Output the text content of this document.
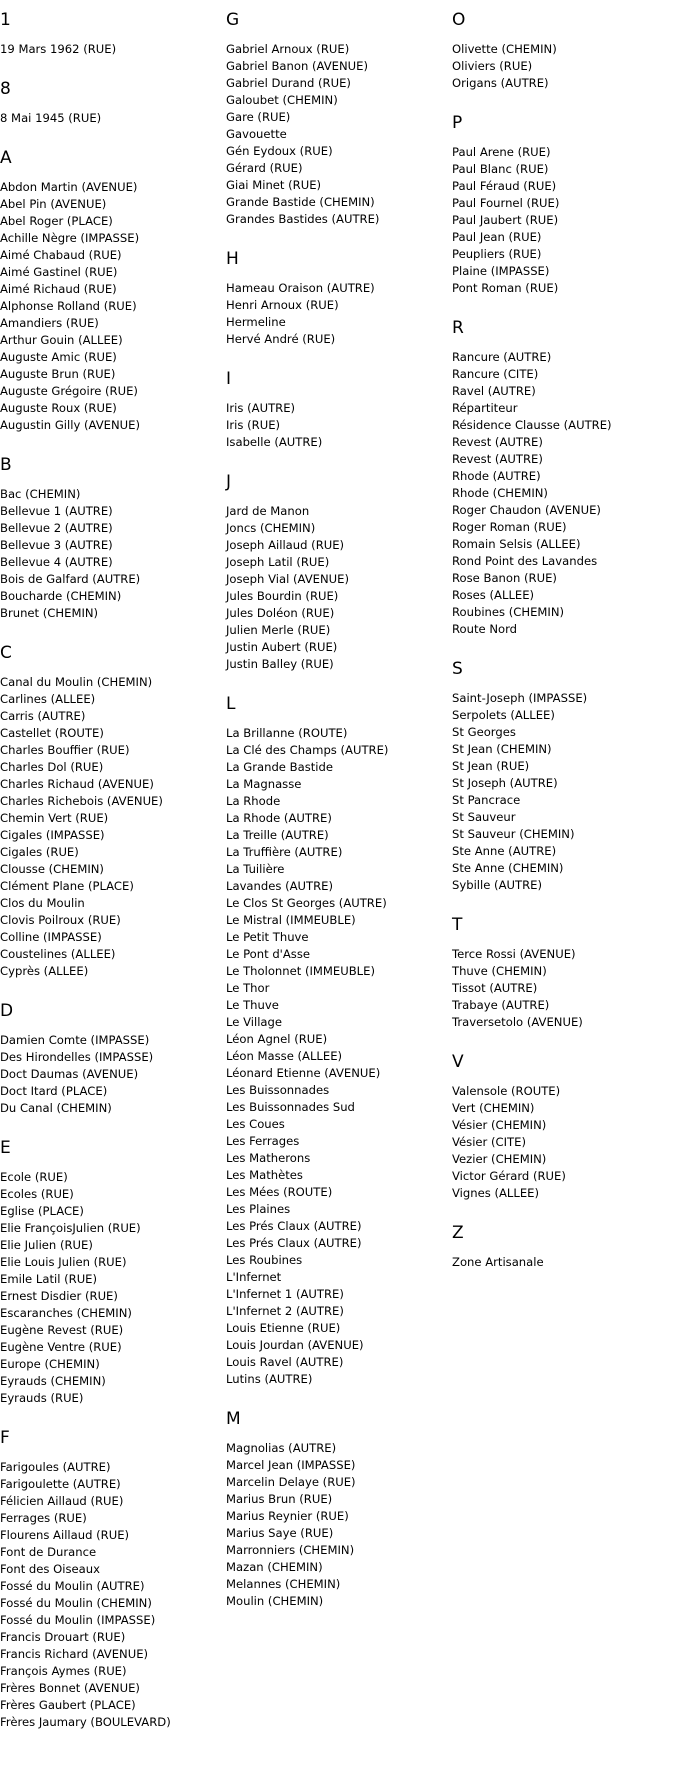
1
19 Mars 1962 (RUE)
8
8 Mai 1945 (RUE)
A
Abdon Martin (AVENUE)
Abel Pin (AVENUE)
Abel Roger (PLACE)
Achille Nègre (IMPASSE)
Aimé Chabaud (RUE)
Aimé Gastinel (RUE)
Aimé Richaud (RUE)
Alphonse Rolland (RUE)
Amandiers (RUE)
Arthur Gouin (ALLEE)
Auguste Amic (RUE)
Auguste Brun (RUE)
Auguste Grégoire (RUE)
Auguste Roux (RUE)
Augustin Gilly (AVENUE)
B
Bac (CHEMIN)
Bellevue 1 (AUTRE)
Bellevue 2 (AUTRE)
Bellevue 3 (AUTRE)
Bellevue 4 (AUTRE)
Bois de Galfard (AUTRE)
Boucharde (CHEMIN)
Brunet (CHEMIN)
C
Canal du Moulin (CHEMIN)
Carlines (ALLEE)
Carris (AUTRE)
Castellet (ROUTE)
Charles Bouffier (RUE)
Charles Dol (RUE)
Charles Richaud (AVENUE)
Charles Richebois (AVENUE)
Chemin Vert (RUE)
Cigales (IMPASSE)
Cigales (RUE)
Clousse (CHEMIN)
Clément Plane (PLACE)
Clos du Moulin
Clovis Poilroux (RUE)
Colline (IMPASSE)
Coustelines (ALLEE)
Cyprès (ALLEE)
D
Damien Comte (IMPASSE)
Des Hirondelles (IMPASSE)
Doct Daumas (AVENUE)
Doct Itard (PLACE)
Du Canal (CHEMIN)
E
Ecole (RUE)
Ecoles (RUE)
Eglise (PLACE)
Elie FrançoisJulien (RUE)
Elie Julien (RUE)
Elie Louis Julien (RUE)
Emile Latil (RUE)
Ernest Disdier (RUE)
Escaranches (CHEMIN)
Eugène Revest (RUE)
Eugène Ventre (RUE)
Europe (CHEMIN)
Eyrauds (CHEMIN)
Eyrauds (RUE)
F
Farigoules (AUTRE)
Farigoulette (AUTRE)
Félicien Aillaud (RUE)
Ferrages (RUE)
Flourens Aillaud (RUE)
Font de Durance
Font des Oiseaux
Fossé du Moulin (AUTRE)
Fossé du Moulin (CHEMIN)
Fossé du Moulin (IMPASSE)
Francis Drouart (RUE)
Francis Richard (AVENUE)
François Aymes (RUE)
Frères Bonnet (AVENUE)
Frères Gaubert (PLACE)
Frères Jaumary (BOULEVARD)
G
Gabriel Arnoux (RUE)
Gabriel Banon (AVENUE)
Gabriel Durand (RUE)
Galoubet (CHEMIN)
Gare (RUE)
Gavouette
Gén Eydoux (RUE)
Gérard (RUE)
Giai Minet (RUE)
Grande Bastide (CHEMIN)
Grandes Bastides (AUTRE)
H
Hameau Oraison (AUTRE)
Henri Arnoux (RUE)
Hermeline
Hervé André (RUE)
I
Iris (AUTRE)
Iris (RUE)
Isabelle (AUTRE)
J
Jard de Manon
Joncs (CHEMIN)
Joseph Aillaud (RUE)
Joseph Latil (RUE)
Joseph Vial (AVENUE)
Jules Bourdin (RUE)
Jules Doléon (RUE)
Julien Merle (RUE)
Justin Aubert (RUE)
Justin Balley (RUE)
L
La Brillanne (ROUTE)
La Clé des Champs (AUTRE)
La Grande Bastide
La Magnasse
La Rhode
La Rhode (AUTRE)
La Treille (AUTRE)
La Truffière (AUTRE)
La Tuilière
Lavandes (AUTRE)
Le Clos St Georges (AUTRE)
Le Mistral (IMMEUBLE)
Le Petit Thuve
Le Pont d'Asse
Le Tholonnet (IMMEUBLE)
Le Thor
Le Thuve
Le Village
Léon Agnel (RUE)
Léon Masse (ALLEE)
Léonard Etienne (AVENUE)
Les Buissonnades
Les Buissonnades Sud
Les Coues
Les Ferrages
Les Matherons
Les Mathètes
Les Mées (ROUTE)
Les Plaines
Les Prés Claux (AUTRE)
Les Prés Claux (AUTRE)
Les Roubines
L'Infernet
L'Infernet 1 (AUTRE)
L'Infernet 2 (AUTRE)
Louis Etienne (RUE)
Louis Jourdan (AVENUE)
Louis Ravel (AUTRE)
Lutins (AUTRE)
M
Magnolias (AUTRE)
Marcel Jean (IMPASSE)
Marcelin Delaye (RUE)
Marius Brun (RUE)
Marius Reynier (RUE)
Marius Saye (RUE)
Marronniers (CHEMIN)
Mazan (CHEMIN)
Melannes (CHEMIN)
Moulin (CHEMIN)
O
Olivette (CHEMIN)
Oliviers (RUE)
Origans (AUTRE)
P
Paul Arene (RUE)
Paul Blanc (RUE)
Paul Féraud (RUE)
Paul Fournel (RUE)
Paul Jaubert (RUE)
Paul Jean (RUE)
Peupliers (RUE)
Plaine (IMPASSE)
Pont Roman (RUE)
R
Rancure (AUTRE)
Rancure (CITE)
Ravel (AUTRE)
Répartiteur
Résidence Clausse (AUTRE)
Revest (AUTRE)
Revest (AUTRE)
Rhode (AUTRE)
Rhode (CHEMIN)
Roger Chaudon (AVENUE)
Roger Roman (RUE)
Romain Selsis (ALLEE)
Rond Point des Lavandes
Rose Banon (RUE)
Roses (ALLEE)
Roubines (CHEMIN)
Route Nord
S
Saint-Joseph (IMPASSE)
Serpolets (ALLEE)
St Georges
St Jean (CHEMIN)
St Jean (RUE)
St Joseph (AUTRE)
St Pancrace
St Sauveur
St Sauveur (CHEMIN)
Ste Anne (AUTRE)
Ste Anne (CHEMIN)
Sybille (AUTRE)
T
Terce Rossi (AVENUE)
Thuve (CHEMIN)
Tissot (AUTRE)
Trabaye (AUTRE)
Traversetolo (AVENUE)
V
Valensole (ROUTE)
Vert (CHEMIN)
Vésier (CHEMIN)
Vésier (CITE)
Vezier (CHEMIN)
Victor Gérard (RUE)
Vignes (ALLEE)
Z
Zone Artisanale
